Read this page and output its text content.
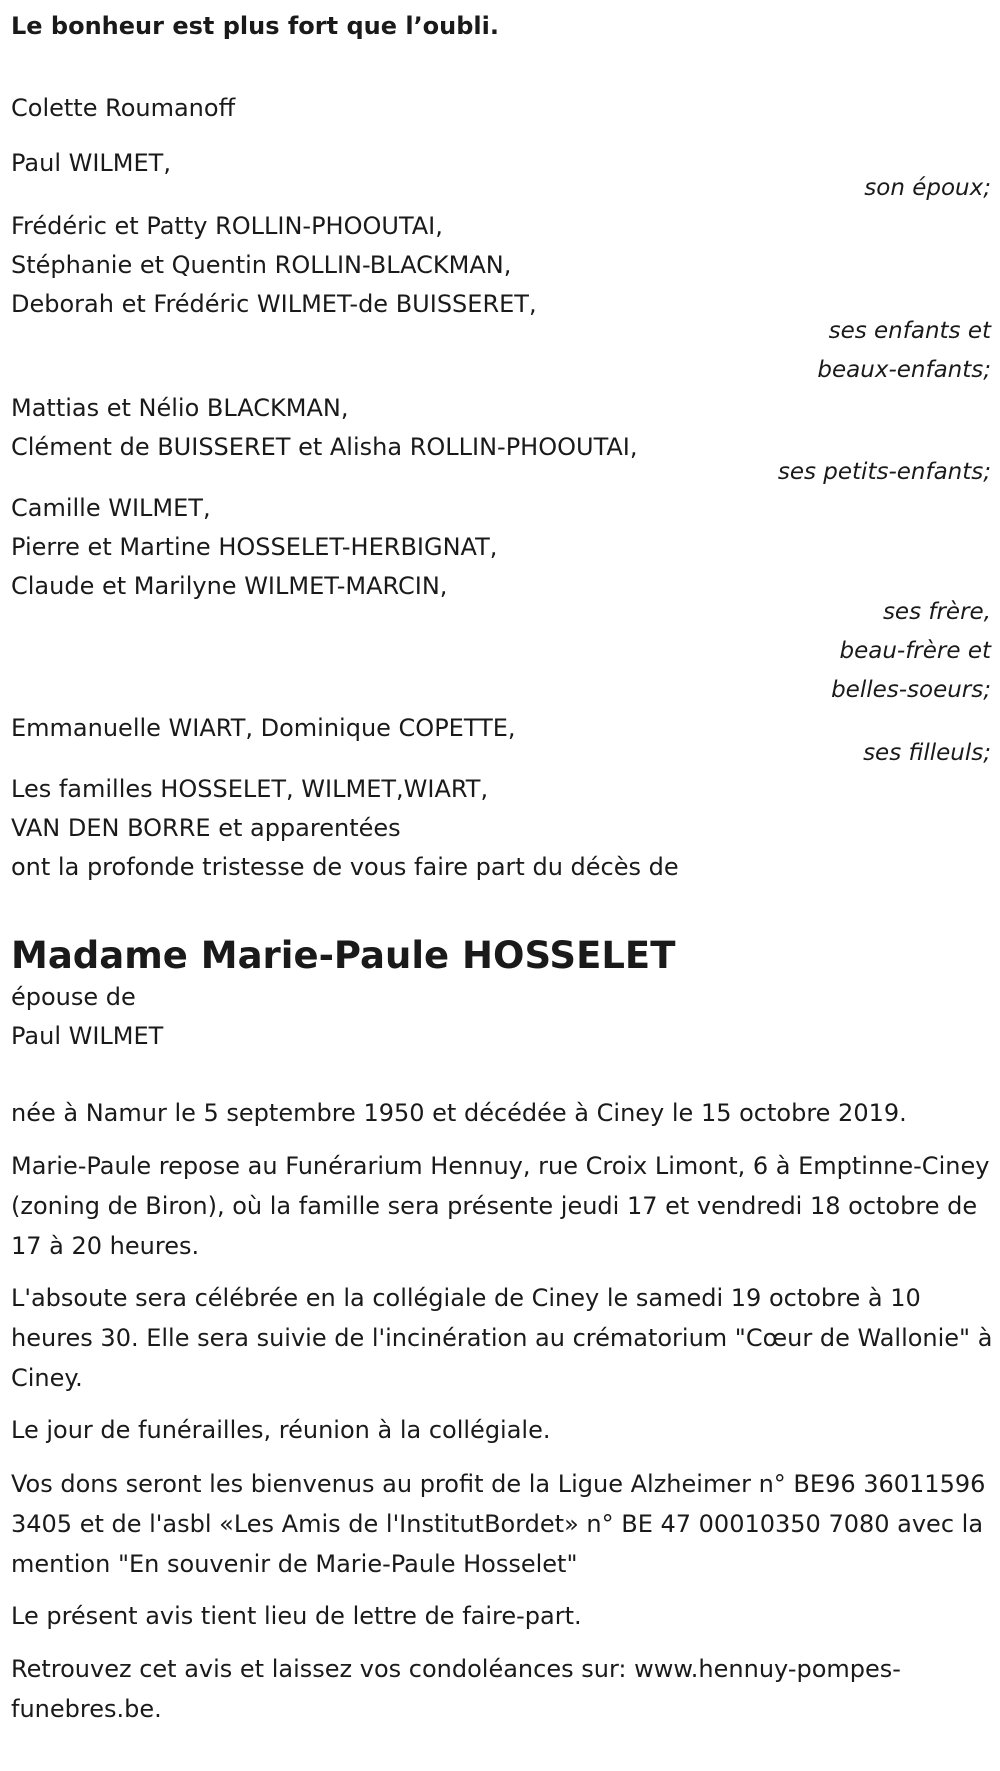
Le bonheur est plus fort que l’oubli.
Colette Roumanoff
Paul WILMET,
son époux;
Frédéric et Patty ROLLIN-PHOOUTAI,
Stéphanie et Quentin ROLLIN-BLACKMAN,
Deborah et Frédéric WILMET-de BUISSERET,
ses enfants et
beaux-enfants;
Mattias et Nélio BLACKMAN,
Clément de BUISSERET et Alisha ROLLIN-PHOOUTAI,
ses petits-enfants;
Camille WILMET,
Pierre et Martine HOSSELET-HERBIGNAT,
Claude et Marilyne WILMET-MARCIN,
ses frère,
beau-frère et
belles-soeurs;
Emmanuelle WIART, Dominique COPETTE,
ses filleuls;
Les familles HOSSELET, WILMET,WIART,
VAN DEN BORRE et apparentées
ont la profonde tristesse de vous faire part du décès de
Madame Marie-Paule HOSSELET
épouse de
Paul WILMET
née à Namur le 5 septembre 1950 et décédée à Ciney le 15 octobre 2019.
Marie-Paule repose au Funérarium Hennuy, rue Croix Limont, 6 à Emptinne-Ciney (zoning de Biron), où la famille sera présente jeudi 17 et vendredi 18 octobre de 17 à 20 heures.
L'absoute sera célébrée en la collégiale de Ciney le samedi 19 octobre à 10 heures 30. Elle sera suivie de l'incinération au crématorium "Cœur de Wallonie" à Ciney.
Le jour de funérailles, réunion à la collégiale.
Vos dons seront les bienvenus au profit de la Ligue Alzheimer n° BE96 36011596 3405 et de l'asbl «Les Amis de l'InstitutBordet» n° BE 47 00010350 7080 avec la mention "En souvenir de Marie-Paule Hosselet"
Le présent avis tient lieu de lettre de faire-part.
Retrouvez cet avis et laissez vos condoléances sur: www.hennuy-pompes-funebres.be.
